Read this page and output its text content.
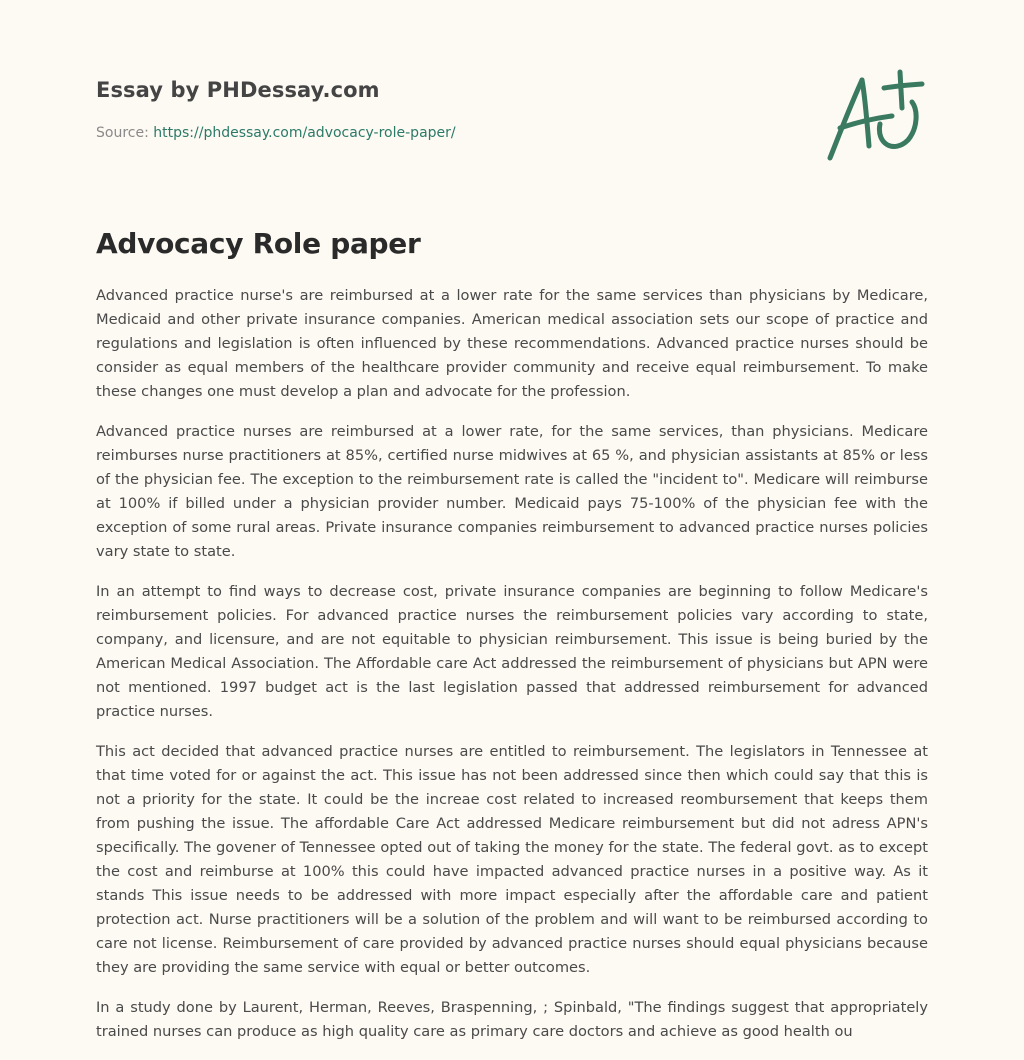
Essay by PHDessay.com
Source: https://phdessay.com/advocacy-role-paper/
Advocacy Role paper

Advanced practice nurse's are reimbursed at a lower rate for the same services than physicians by Medicare, Medicaid and other private insurance companies. American medical association sets our scope of practice and regulations and legislation is often influenced by these recommendations. Advanced practice nurses should be consider as equal members of the healthcare provider community and receive equal reimbursement. To make these changes one must develop a plan and advocate for the profession.

Advanced practice nurses are reimbursed at a lower rate, for the same services, than physicians. Medicare reimburses nurse practitioners at 85%, certified nurse midwives at 65 %, and physician assistants at 85% or less of the physician fee. The exception to the reimbursement rate is called the "incident to". Medicare will reimburse at 100% if billed under a physician provider number. Medicaid pays 75-100% of the physician fee with the exception of some rural areas. Private insurance companies reimbursement to advanced practice nurses policies vary state to state.

In an attempt to find ways to decrease cost, private insurance companies are beginning to follow Medicare's reimbursement policies. For advanced practice nurses the reimbursement policies vary according to state, company, and licensure, and are not equitable to physician reimbursement. This issue is being buried by the American Medical Association. The Affordable care Act addressed the reimbursement of physicians but APN were not mentioned. 1997 budget act is the last legislation passed that addressed reimbursement for advanced practice nurses.

This act decided that advanced practice nurses are entitled to reimbursement. The legislators in Tennessee at that time voted for or against the act. This issue has not been addressed since then which could say that this is not a priority for the state. It could be the increae cost related to increased reombursement that keeps them from pushing the issue. The affordable Care Act addressed Medicare reimbursement but did not adress APN's specifically. The govener of Tennessee opted out of taking the money for the state. The federal govt. as to except the cost and reimburse at 100% this could have impacted advanced practice nurses in a positive way. As it stands This issue needs to be addressed with more impact especially after the affordable care and patient protection act. Nurse practitioners will be a solution of the problem and will want to be reimbursed according to care not license. Reimbursement of care provided by advanced practice nurses should equal physicians because they are providing the same service with equal or better outcomes.

In a study done by Laurent, Herman, Reeves, Braspenning, ; Spinbald, "The findings suggest that appropriately trained nurses can produce as high quality care as primary care doctors and achieve as good health ou
